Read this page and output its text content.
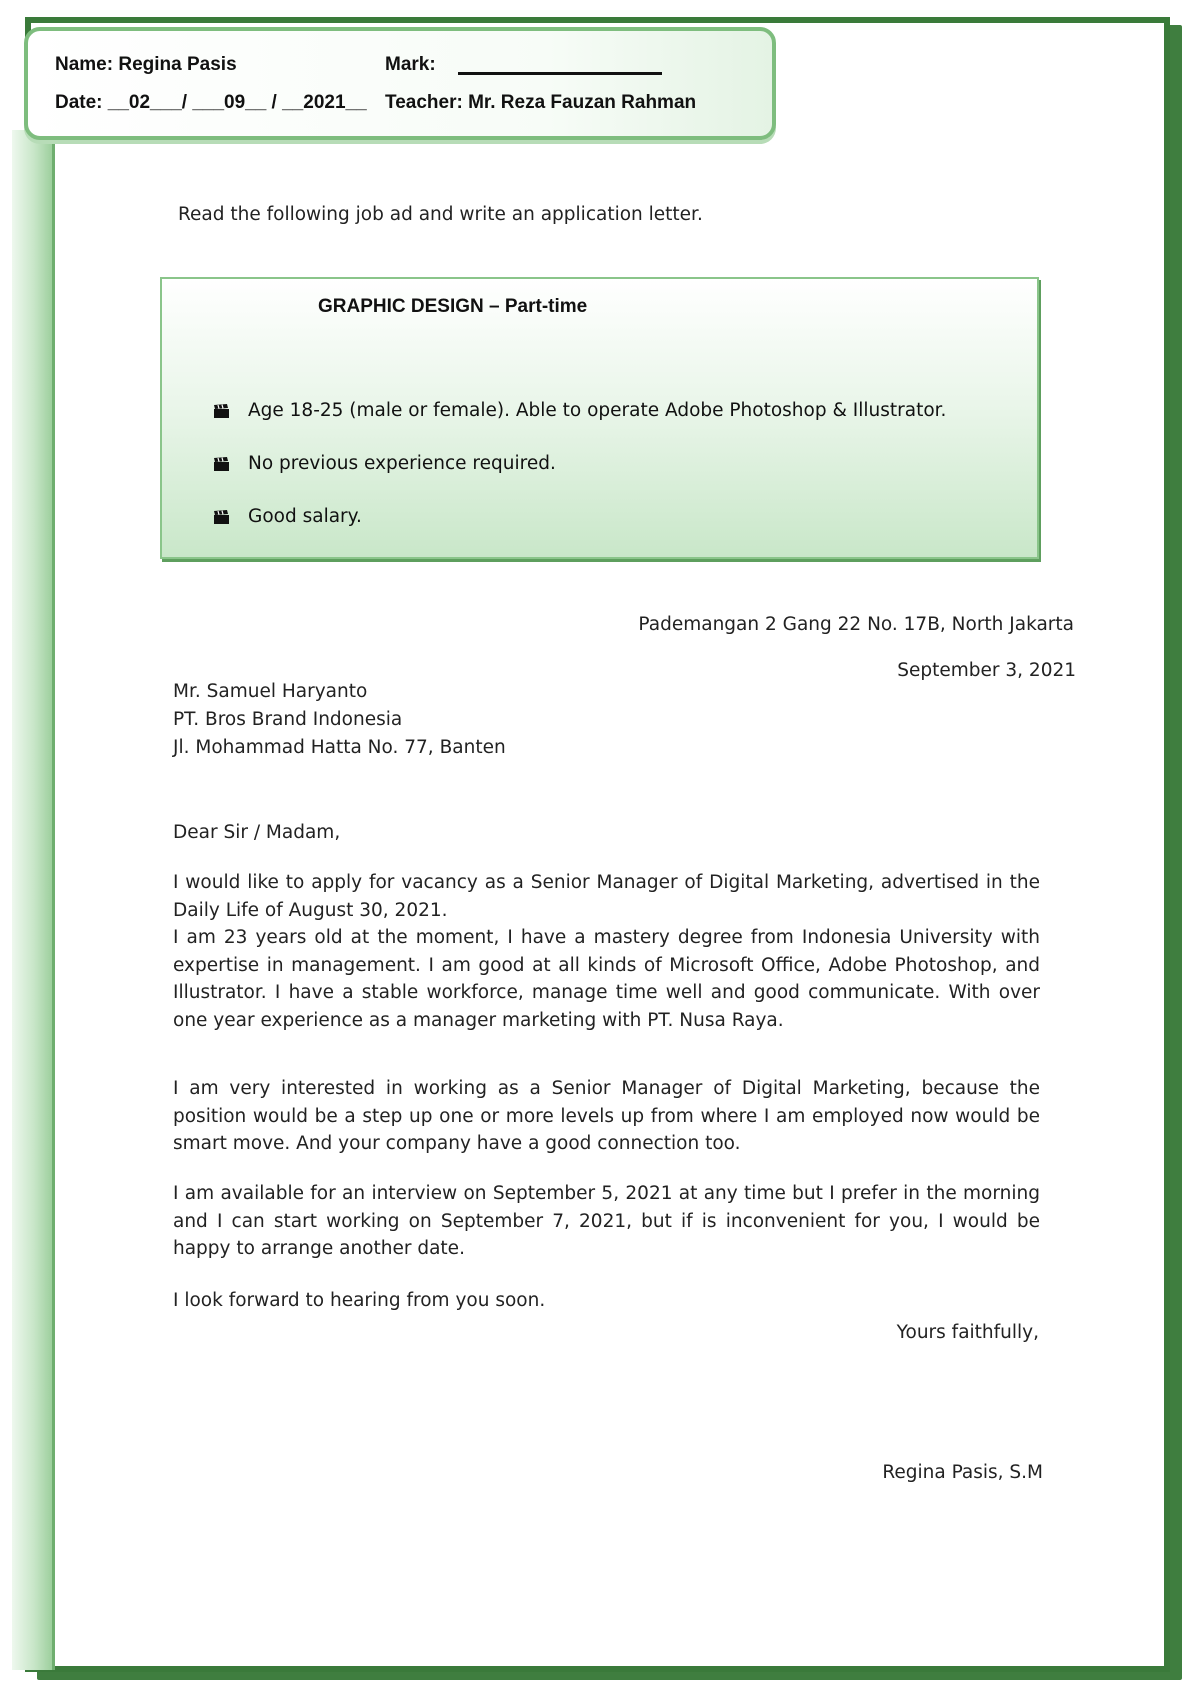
Name: Regina Pasis	Mark:
Date: __02___/ ___09__ / __2021__ Teacher: Mr. Reza Fauzan Rahman
Read the following job ad and write an application letter.
GRAPHIC DESIGN – Part-time
Age 18-25 (male or female). Able to operate Adobe Photoshop & Illustrator.
No previous experience required.
Good salary.
Pademangan 2 Gang 22 No. 17B, North Jakarta
September 3, 2021
Mr. Samuel Haryanto
PT. Bros Brand Indonesia
Jl. Mohammad Hatta No. 77, Banten
Dear Sir / Madam,

I would like to apply for vacancy as a Senior Manager of Digital Marketing, advertised in the Daily Life of August 30, 2021.

I am 23 years old at the moment, I have a mastery degree from Indonesia University with expertise in management. I am good at all kinds of Microsoft Office, Adobe Photoshop, and Illustrator. I have a stable workforce, manage time well and good communicate. With over one year experience as a manager marketing with PT. Nusa Raya.

I am very interested in working as a Senior Manager of Digital Marketing, because the position would be a step up one or more levels up from where I am employed now would be smart move. And your company have a good connection too.

I am available for an interview on September 5, 2021 at any time but I prefer in the morning and I can start working on September 7, 2021, but if is inconvenient for you, I would be happy to arrange another date.

I look forward to hearing from you soon.
Yours faithfully,
Regina Pasis, S.M
